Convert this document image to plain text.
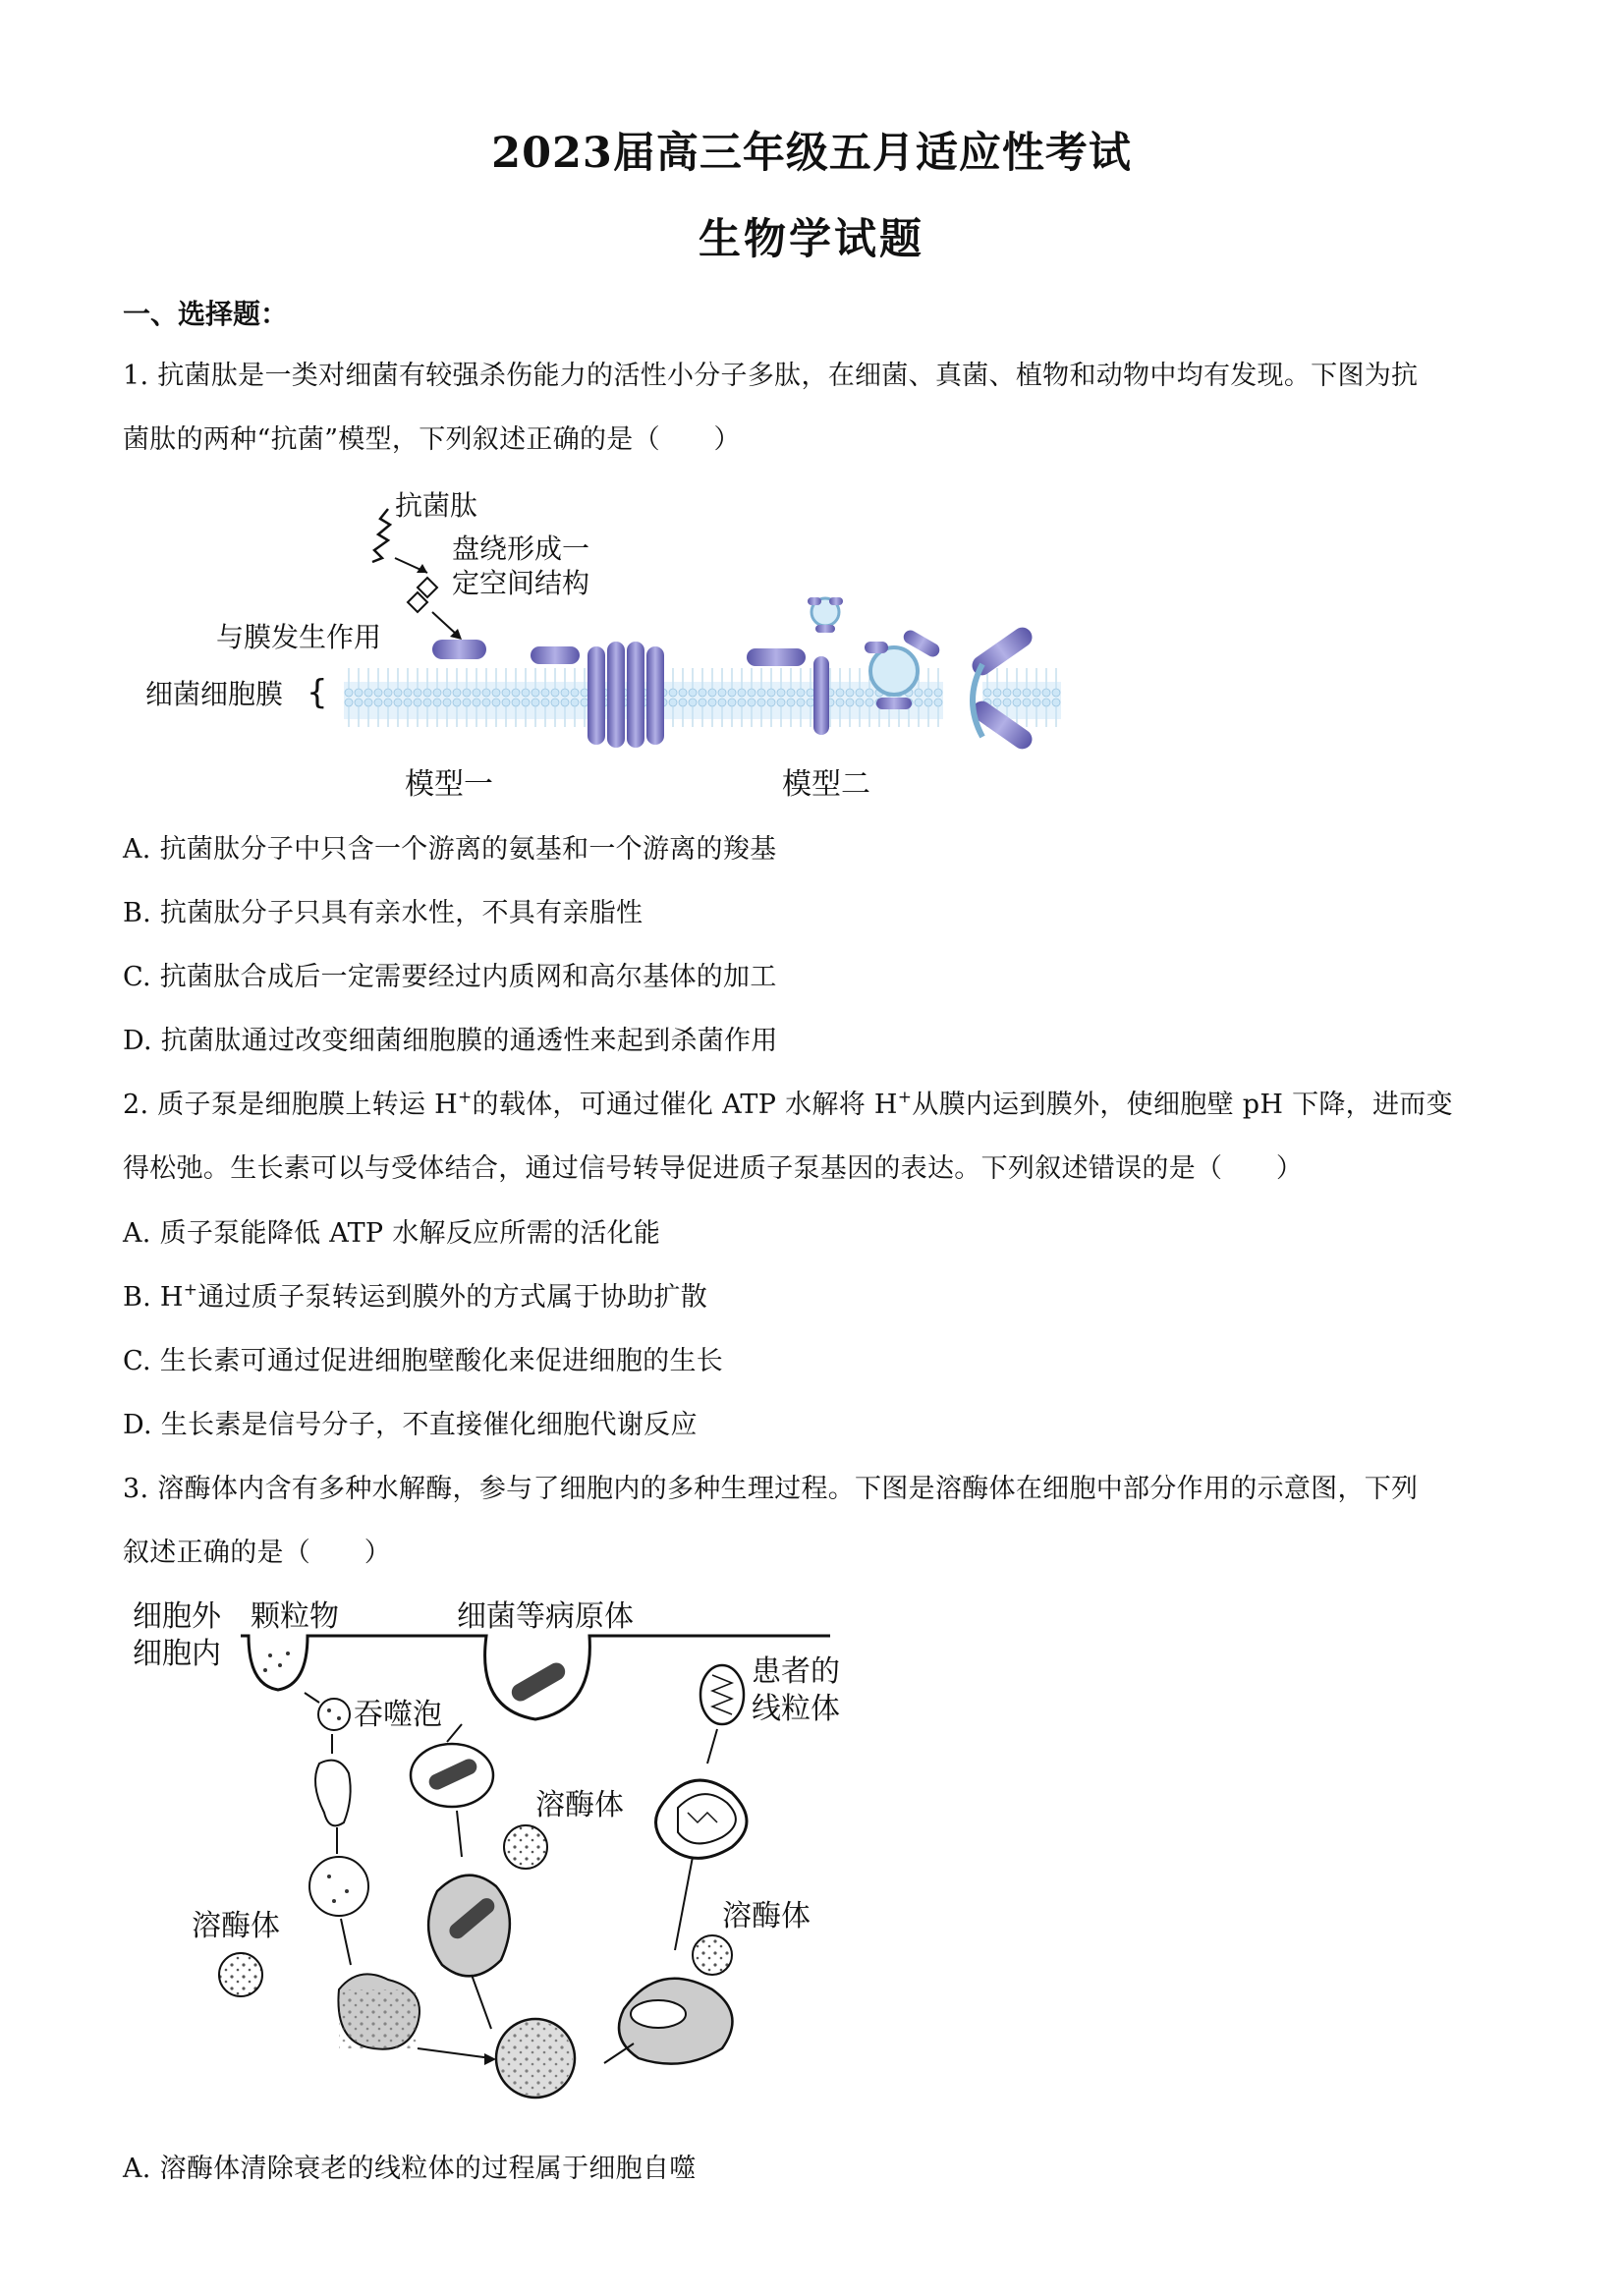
2023届高三年级五月适应性考试
生物学试题
一、选择题：
1. 抗菌肽是一类对细菌有较强杀伤能力的活性小分子多肽，在细菌、真菌、植物和动物中均有发现。下图为抗
菌肽的两种“抗菌”模型，下列叙述正确的是（　　）
抗菌肽
盘绕形成一
定空间结构
与膜发生作用
细菌细胞膜 {
模型一	模型二
A. 抗菌肽分子中只含一个游离的氨基和一个游离的羧基
B. 抗菌肽分子只具有亲水性，不具有亲脂性
C. 抗菌肽合成后一定需要经过内质网和高尔基体的加工
D. 抗菌肽通过改变细菌细胞膜的通透性来起到杀菌作用
2. 质子泵是细胞膜上转运 H+的载体，可通过催化 ATP 水解将 H+从膜内运到膜外，使细胞壁 pH 下降，进而变
得松弛。生长素可以与受体结合，通过信号转导促进质子泵基因的表达。下列叙述错误的是（　　）
A. 质子泵能降低 ATP 水解反应所需的活化能
B. H+通过质子泵转运到膜外的方式属于协助扩散
C. 生长素可通过促进细胞壁酸化来促进细胞的生长
D. 生长素是信号分子，不直接催化细胞代谢反应
3. 溶酶体内含有多种水解酶，参与了细胞内的多种生理过程。下图是溶酶体在细胞中部分作用的示意图，下列
叙述正确的是（　　）
细胞外
细胞内
颗粒物	细菌等病原体
吞噬泡
溶酶体
溶酶体
患者的
线粒体
溶酶体
A. 溶酶体清除衰老的线粒体的过程属于细胞自噬
